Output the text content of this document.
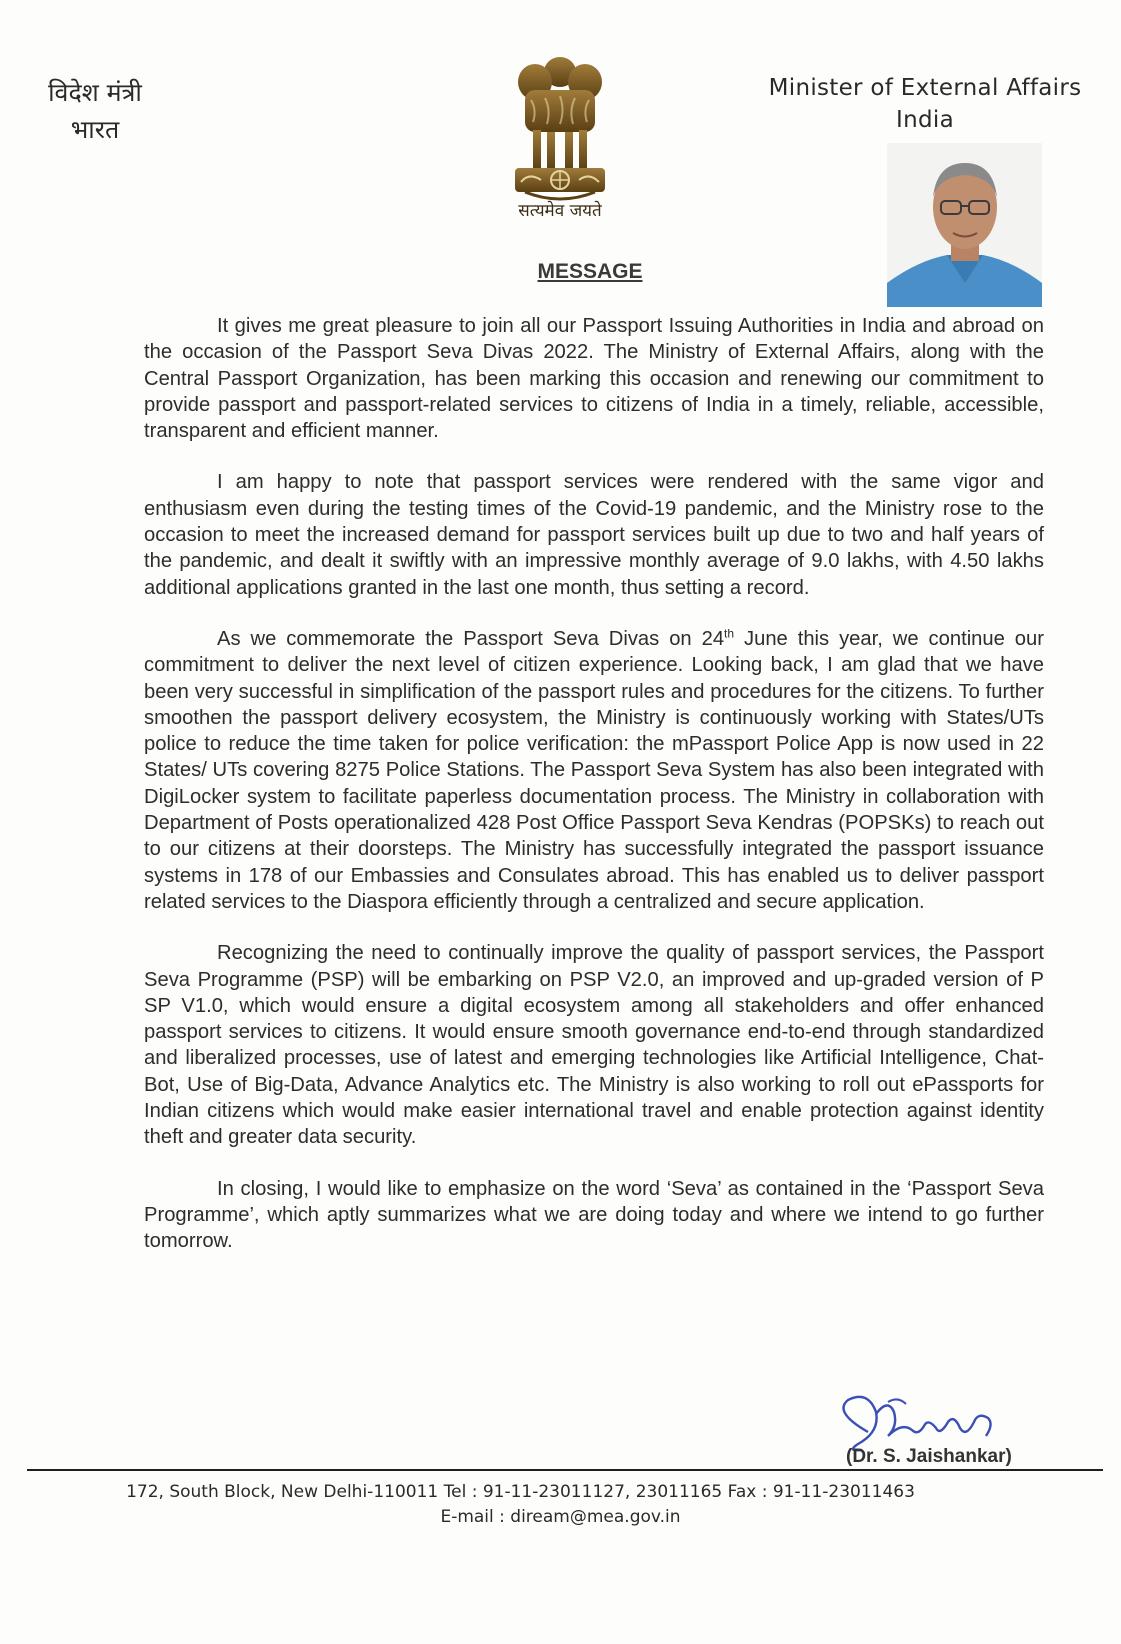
विदेश मंत्री
भारत
सत्यमेव जयते
Minister of External Affairs
India
MESSAGE

It gives me great pleasure to join all our Passport Issuing Authorities in India and abroad on the occasion of the Passport Seva Divas 2022. The Ministry of External Affairs, along with the Central Passport Organization, has been marking this occasion and renewing our commitment to provide passport and passport-related services to citizens of India in a timely, reliable, accessible, transparent and efficient manner.

I am happy to note that passport services were rendered with the same vigor and enthusiasm even during the testing times of the Covid-19 pandemic, and the Ministry rose to the occasion to meet the increased demand for passport services built up due to two and half years of the pandemic, and dealt it swiftly with an impressive monthly average of 9.0 lakhs, with 4.50 lakhs additional applications granted in the last one month, thus setting a record.

As we commemorate the Passport Seva Divas on 24th June this year, we continue our commitment to deliver the next level of citizen experience. Looking back, I am glad that we have been very successful in simplification of the passport rules and procedures for the citizens. To further smoothen the passport delivery ecosystem, the Ministry is continuously working with States/UTs police to reduce the time taken for police verification: the mPassport Police App is now used in 22 States/ UTs covering 8275 Police Stations. The Passport Seva System has also been integrated with DigiLocker system to facilitate paperless documentation process. The Ministry in collaboration with Department of Posts operationalized 428 Post Office Passport Seva Kendras (POPSKs) to reach out to our citizens at their doorsteps. The Ministry has successfully integrated the passport issuance systems in 178 of our Embassies and Consulates abroad. This has enabled us to deliver passport related services to the Diaspora efficiently through a centralized and secure application.

Recognizing the need to continually improve the quality of passport services, the Passport Seva Programme (PSP) will be embarking on PSP V2.0, an improved and up-graded version of P SP V1.0, which would ensure a digital ecosystem among all stakeholders and offer enhanced passport services to citizens. It would ensure smooth governance end-to-end through standardized and liberalized processes, use of latest and emerging technologies like Artificial Intelligence, Chat-Bot, Use of Big-Data, Advance Analytics etc. The Ministry is also working to roll out ePassports for Indian citizens which would make easier international travel and enable protection against identity theft and greater data security.

In closing, I would like to emphasize on the word ‘Seva’ as contained in the ‘Passport Seva Programme’, which aptly summarizes what we are doing today and where we intend to go further tomorrow.

(Dr. S. Jaishankar)
172, South Block, New Delhi-110011 Tel : 91-11-23011127, 23011165 Fax : 91-11-23011463
E-mail : diream@mea.gov.in
